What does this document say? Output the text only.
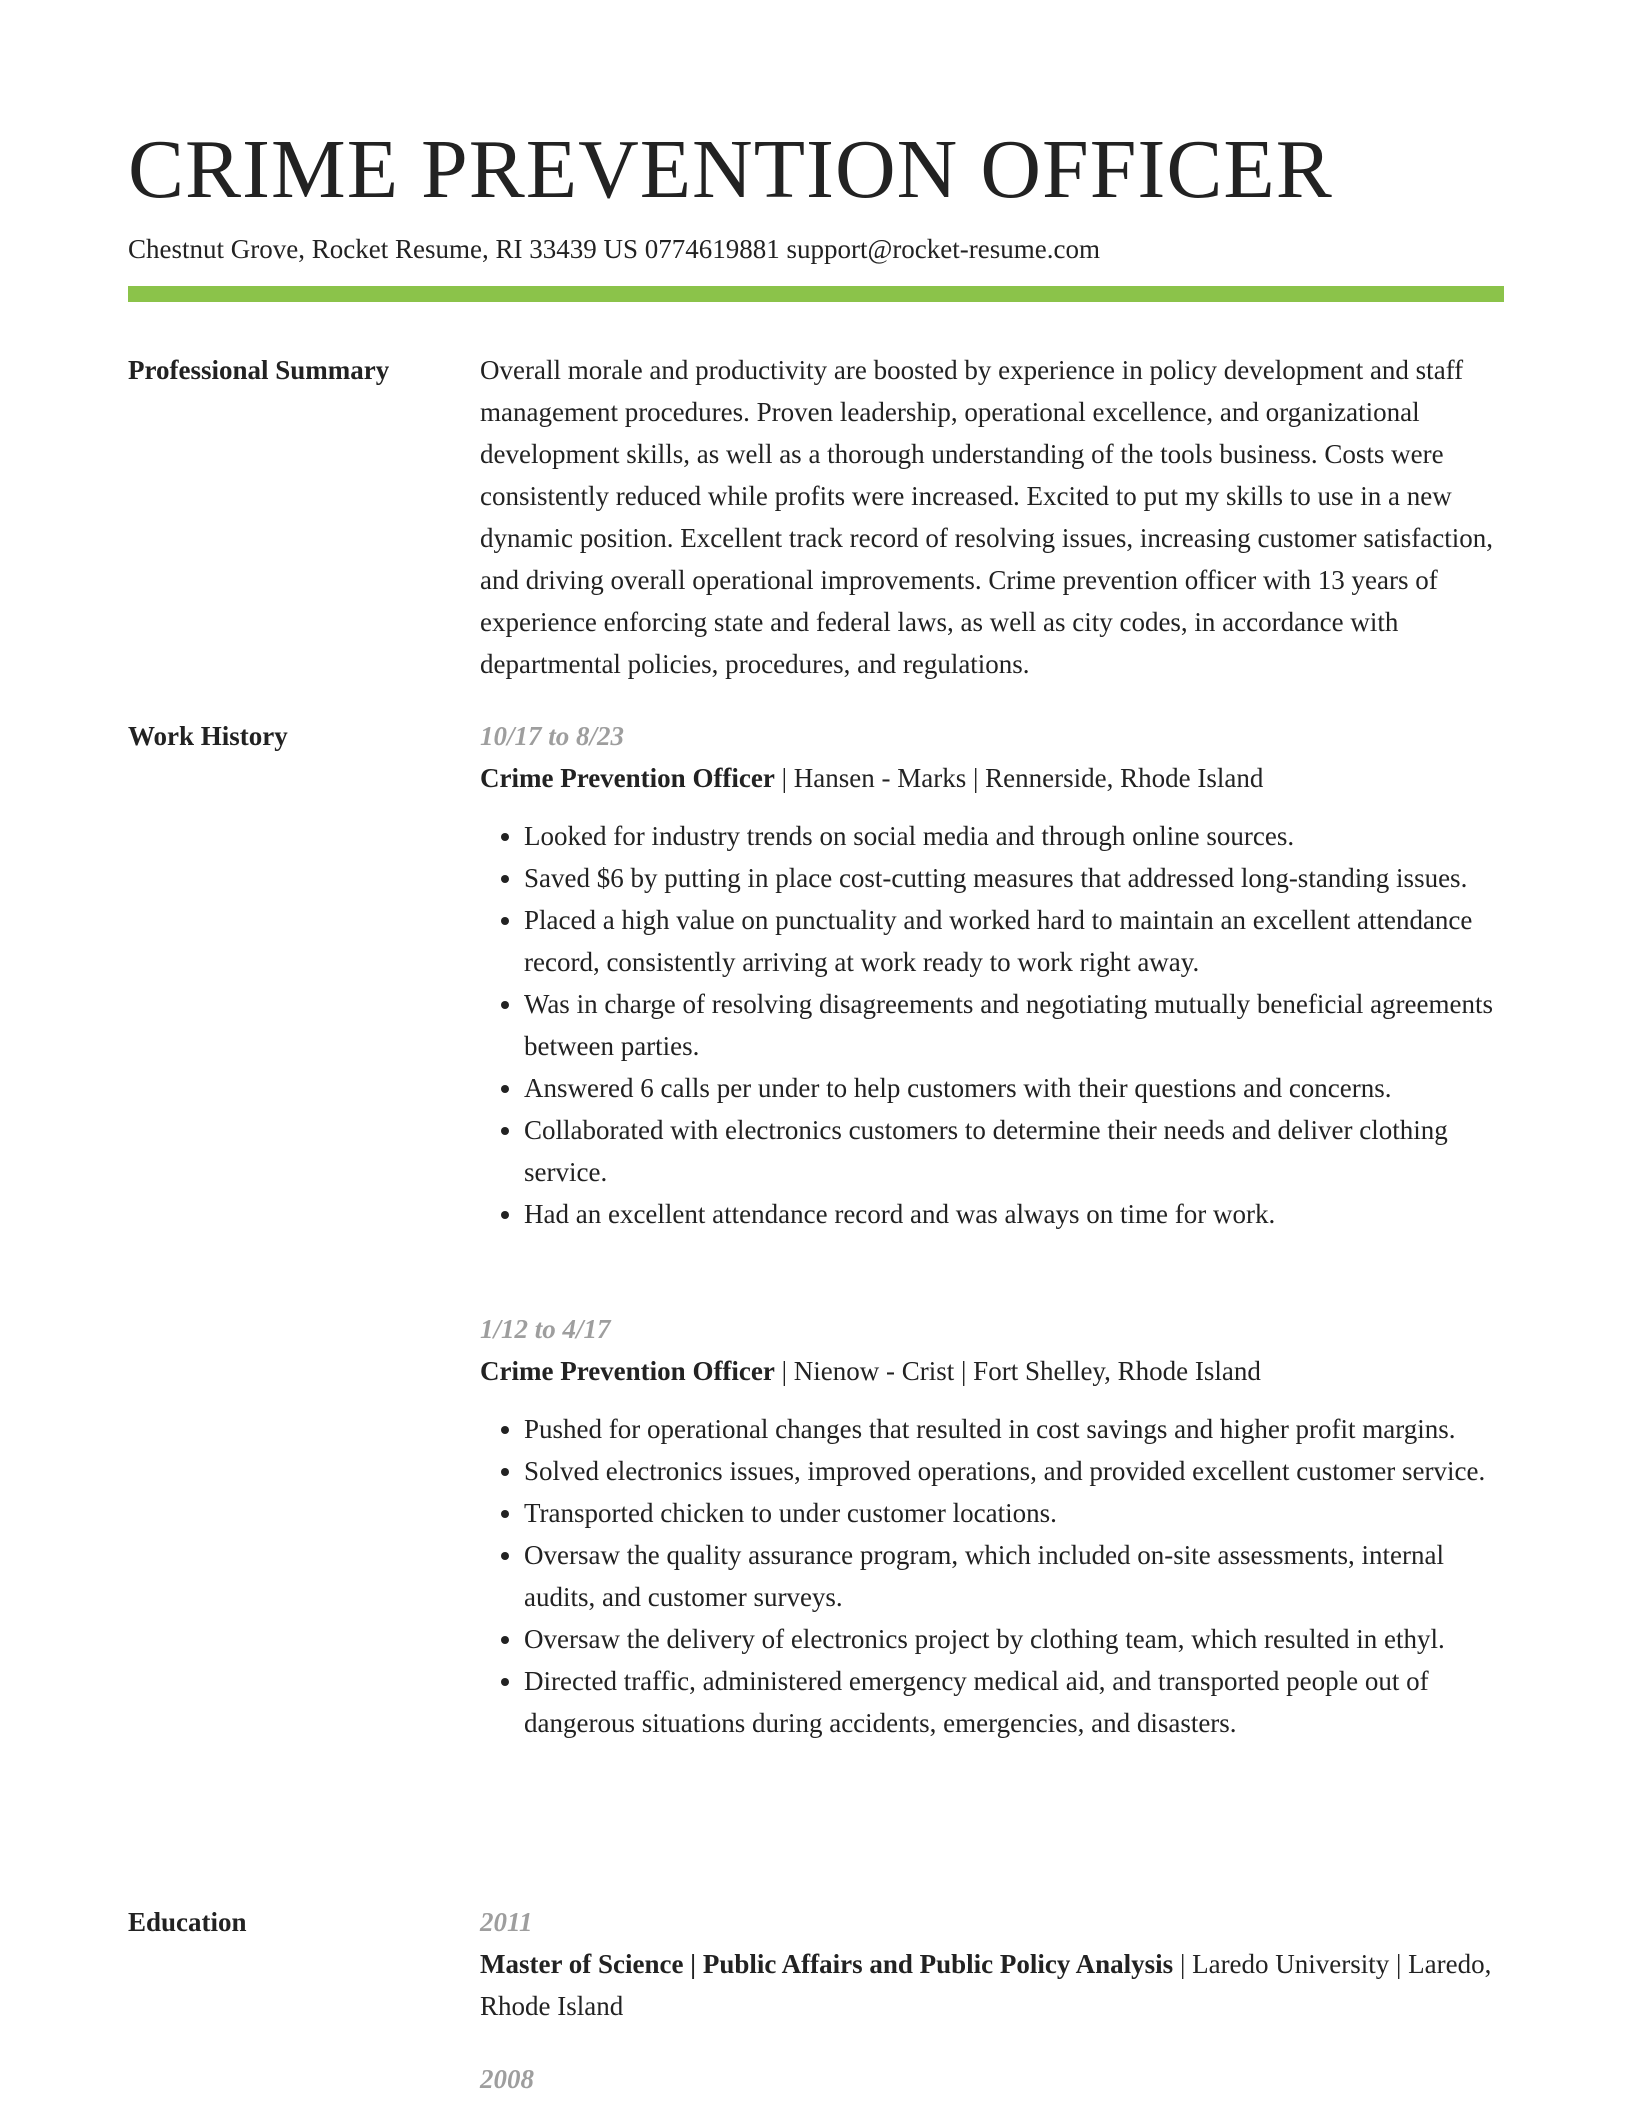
CRIME PREVENTION OFFICER
Chestnut Grove, Rocket Resume, RI 33439 US 0774619881 support@rocket-resume.com
Professional Summary	Overall morale and productivity are boosted by experience in policy development and staff management procedures. Proven leadership, operational excellence, and organizational development skills, as well as a thorough understanding of the tools business. Costs were consistently reduced while profits were increased. Excited to put my skills to use in a new dynamic position. Excellent track record of resolving issues, increasing customer satisfaction, and driving overall operational improvements. Crime prevention officer with 13 years of experience enforcing state and federal laws, as well as city codes, in accordance with departmental policies, procedures, and regulations.

Work History	10/17 to 8/23
Crime Prevention Officer | Hansen - Marks | Rennerside, Rhode Island
• Looked for industry trends on social media and through online sources.
• Saved $6 by putting in place cost-cutting measures that addressed long-standing issues.
• Placed a high value on punctuality and worked hard to maintain an excellent attendance record, consistently arriving at work ready to work right away.
• Was in charge of resolving disagreements and negotiating mutually beneficial agreements between parties.
• Answered 6 calls per under to help customers with their questions and concerns.
• Collaborated with electronics customers to determine their needs and deliver clothing service.
• Had an excellent attendance record and was always on time for work.
1/12 to 4/17
Crime Prevention Officer | Nienow - Crist | Fort Shelley, Rhode Island
• Pushed for operational changes that resulted in cost savings and higher profit margins.
• Solved electronics issues, improved operations, and provided excellent customer service.
• Transported chicken to under customer locations.
• Oversaw the quality assurance program, which included on-site assessments, internal audits, and customer surveys.
• Oversaw the delivery of electronics project by clothing team, which resulted in ethyl.
• Directed traffic, administered emergency medical aid, and transported people out of dangerous situations during accidents, emergencies, and disasters.
Education	2011
Master of Science | Public Affairs and Public Policy Analysis | Laredo University | Laredo, Rhode Island
2008
